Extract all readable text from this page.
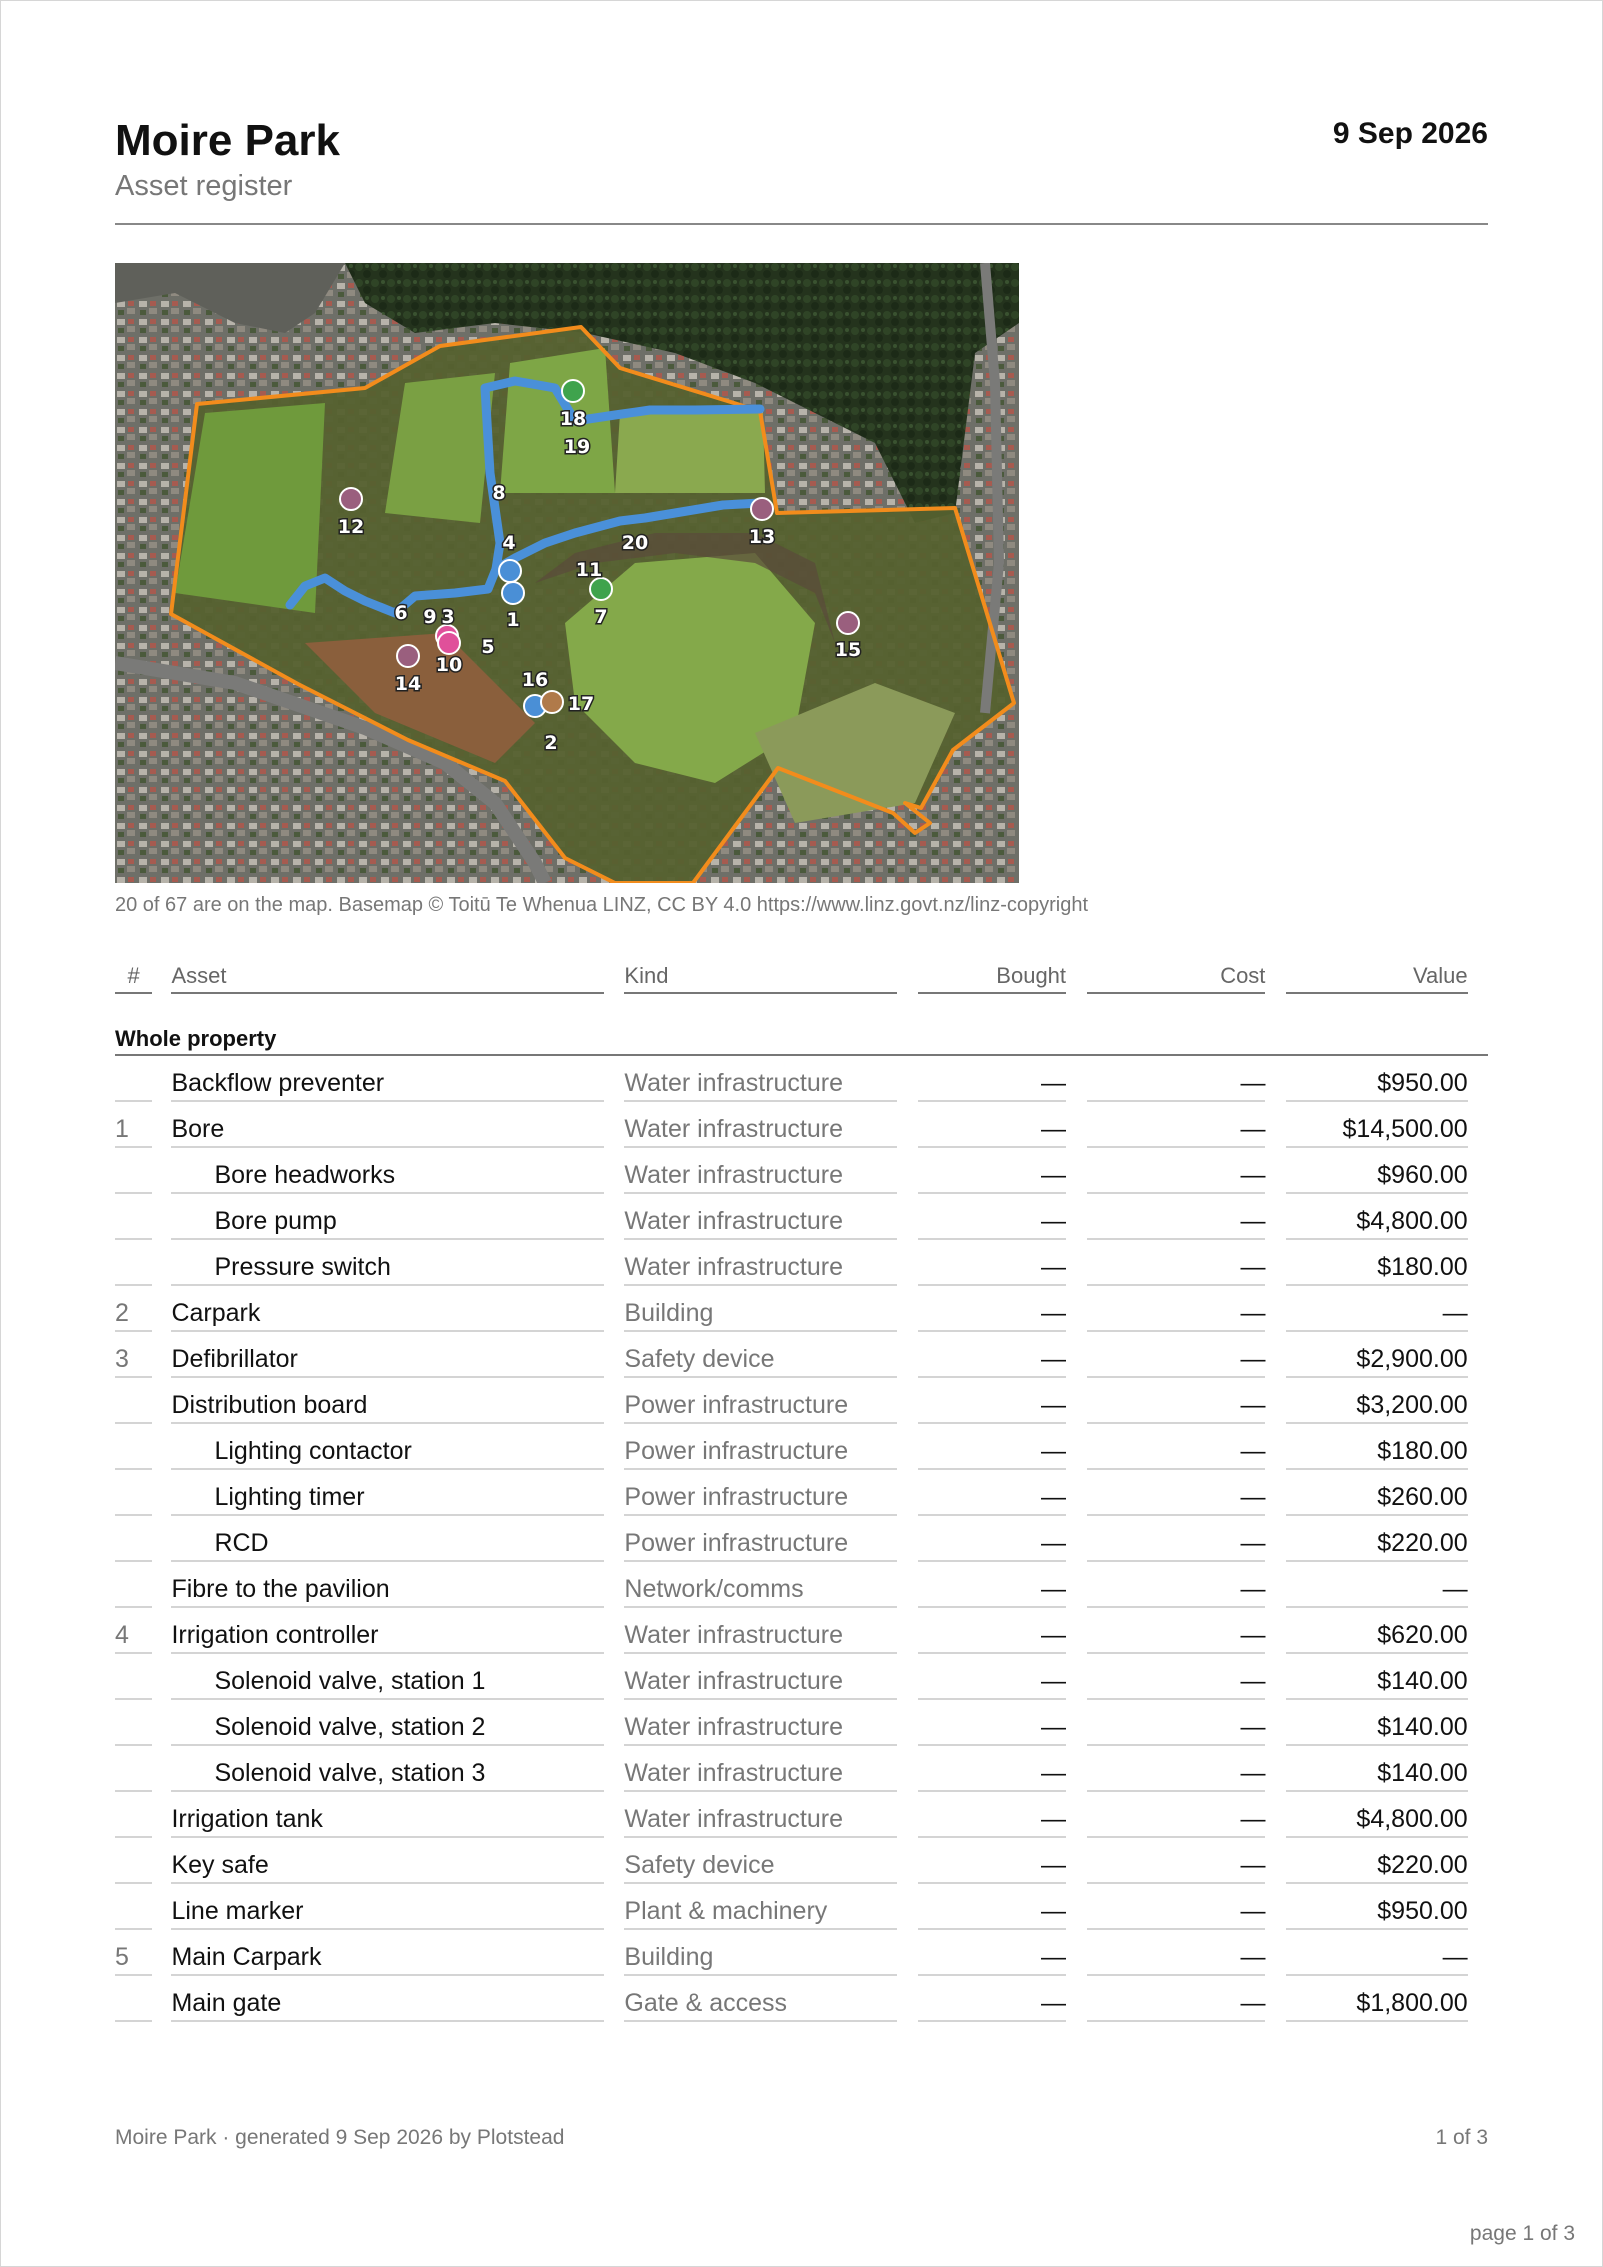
Moire Park
Asset register
9 Sep 2026
18
19
12
8
4	20	13
11
7
1
6 9 3
10
5	15
14	16
17
2
20 of 67 are on the map. Basemap © Toitū Te Whenua LINZ, CC BY 4.0 https://www.linz.govt.nz/linz-copyright
#		Asset		Kind		Bought		Cost		Value	

Whole property											

		Backflow preventer		Water infrastructure		—		—		$950.00	

1		Bore		Water infrastructure		—		—		$14,500.00	

		Bore headworks		Water infrastructure		—		—		$960.00	

		Bore pump		Water infrastructure		—		—		$4,800.00	

		Pressure switch		Water infrastructure		—		—		$180.00	

2		Carpark		Building		—		—		—	

3		Defibrillator		Safety device		—		—		$2,900.00	

		Distribution board		Power infrastructure		—		—		$3,200.00	

		Lighting contactor		Power infrastructure		—		—		$180.00	

		Lighting timer		Power infrastructure		—		—		$260.00	

		RCD		Power infrastructure		—		—		$220.00	

		Fibre to the pavilion		Network/comms		—		—		—	

4		Irrigation controller		Water infrastructure		—		—		$620.00	

		Solenoid valve, station 1		Water infrastructure		—		—		$140.00	

		Solenoid valve, station 2		Water infrastructure		—		—		$140.00	

		Solenoid valve, station 3		Water infrastructure		—		—		$140.00	

		Irrigation tank		Water infrastructure		—		—		$4,800.00	

		Key safe		Safety device		—		—		$220.00	

		Line marker		Plant & machinery		—		—		$950.00	

5		Main Carpark		Building		—		—		—	

		Main gate		Gate & access		—		—		$1,800.00	

Moire Park · generated 9 Sep 2026 by Plotstead	1 of 3
page 1 of 3
